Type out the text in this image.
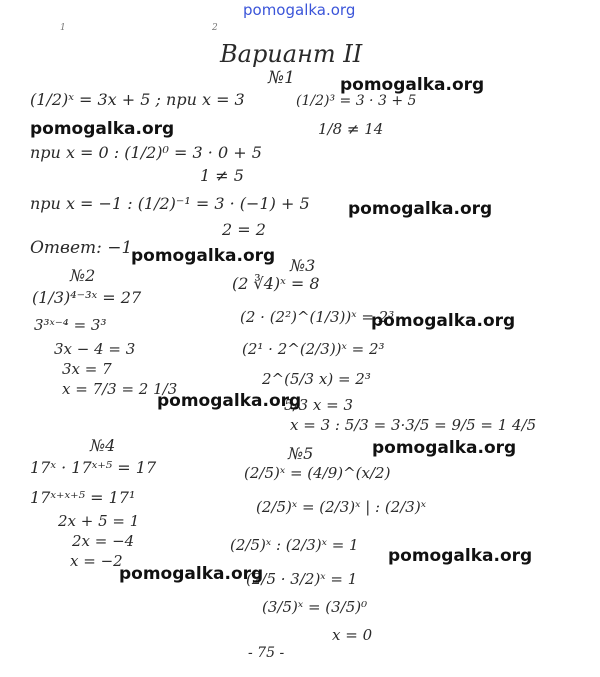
pomogalka.org
1	2
Вариант II
№1
(1/2)ˣ = 3x + 5 ; при x = 3	(1/2)³ = 3 · 3 + 5
1/8 ≠ 14
при x = 0 : (1/2)⁰ = 3 · 0 + 5
1 ≠ 5
при x = −1 : (1/2)⁻¹ = 3 · (−1) + 5
2 = 2
Ответ: −1
№2
(1/3)⁴⁻³ˣ = 27
3³ˣ⁻⁴ = 3³
3x − 4 = 3
3x = 7
x = 7/3 = 2 1/3
№3
(2 ∛4)ˣ = 8
(2 · (2²)^(1/3))ˣ = 2³
(2¹ · 2^(2/3))ˣ = 2³
2^(5/3 x) = 2³
5/3 x = 3
x = 3 : 5/3 = 3·3/5 = 9/5 = 1 4/5
№4
17ˣ · 17ˣ⁺⁵ = 17
17ˣ⁺ˣ⁺⁵ = 17¹
2x + 5 = 1
2x = −4
x = −2
№5
(2/5)ˣ = (4/9)^(x/2)
(2/5)ˣ = (2/3)ˣ | : (2/3)ˣ
(2/5)ˣ : (2/3)ˣ = 1
(2/5 · 3/2)ˣ = 1
(3/5)ˣ = (3/5)⁰
x = 0
- 75 -
pomogalka.org
pomogalka.org
pomogalka.org
pomogalka.org
pomogalka.org
pomogalka.org
pomogalka.org
pomogalka.org
pomogalka.org
